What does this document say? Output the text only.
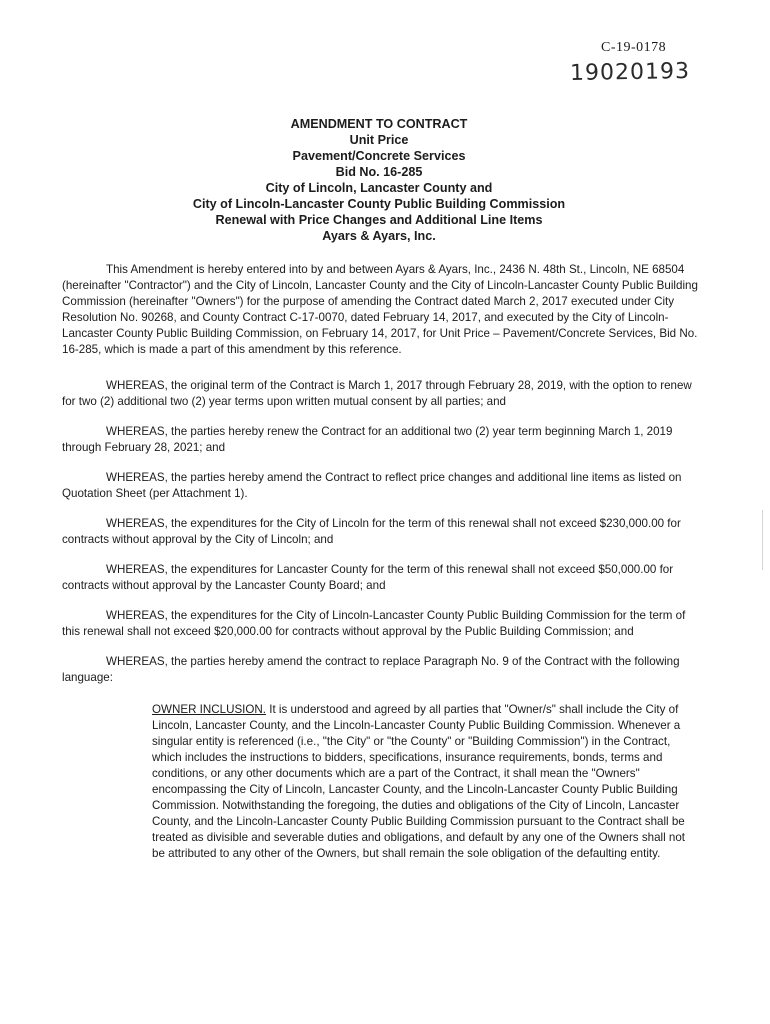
C-19-0178
19020193
AMENDMENT TO CONTRACT
Unit Price
Pavement/Concrete Services
Bid No. 16-285
City of Lincoln, Lancaster County and
City of Lincoln-Lancaster County Public Building Commission
Renewal with Price Changes and Additional Line Items
Ayars & Ayars, Inc.

This Amendment is hereby entered into by and between Ayars & Ayars, Inc., 2436 N. 48th St., Lincoln, NE 68504 (hereinafter "Contractor") and the City of Lincoln, Lancaster County and the City of Lincoln-Lancaster County Public Building Commission (hereinafter "Owners") for the purpose of amending the Contract dated March 2, 2017 executed under City Resolution No. 90268, and County Contract C-17-0070, dated February 14, 2017, and executed by the City of Lincoln-Lancaster County Public Building Commission, on February 14, 2017, for Unit Price – Pavement/Concrete Services, Bid No. 16-285, which is made a part of this amendment by this reference.

WHEREAS, the original term of the Contract is March 1, 2017 through February 28, 2019, with the option to renew for two (2) additional two (2) year terms upon written mutual consent by all parties; and

WHEREAS, the parties hereby renew the Contract for an additional two (2) year term beginning March 1, 2019 through February 28, 2021; and

WHEREAS, the parties hereby amend the Contract to reflect price changes and additional line items as listed on Quotation Sheet (per Attachment 1).

WHEREAS, the expenditures for the City of Lincoln for the term of this renewal shall not exceed $230,000.00 for contracts without approval by the City of Lincoln; and

WHEREAS, the expenditures for Lancaster County for the term of this renewal shall not exceed $50,000.00 for contracts without approval by the Lancaster County Board; and

WHEREAS, the expenditures for the City of Lincoln-Lancaster County Public Building Commission for the term of this renewal shall not exceed $20,000.00 for contracts without approval by the Public Building Commission; and

WHEREAS, the parties hereby amend the contract to replace Paragraph No. 9 of the Contract with the following language:

OWNER INCLUSION. It is understood and agreed by all parties that "Owner/s" shall include the City of Lincoln, Lancaster County, and the Lincoln-Lancaster County Public Building Commission. Whenever a singular entity is referenced (i.e., "the City" or "the County" or "Building Commission") in the Contract, which includes the instructions to bidders, specifications, insurance requirements, bonds, terms and conditions, or any other documents which are a part of the Contract, it shall mean the "Owners" encompassing the City of Lincoln, Lancaster County, and the Lincoln-Lancaster County Public Building Commission. Notwithstanding the foregoing, the duties and obligations of the City of Lincoln, Lancaster County, and the Lincoln-Lancaster County Public Building Commission pursuant to the Contract shall be treated as divisible and severable duties and obligations, and default by any one of the Owners shall not be attributed to any other of the Owners, but shall remain the sole obligation of the defaulting entity.
